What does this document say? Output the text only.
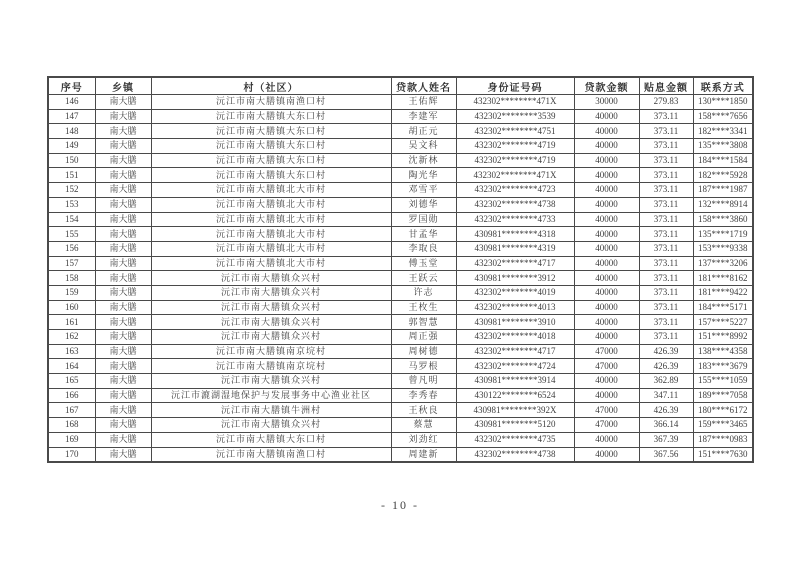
序号	乡镇	村（社区）	贷款人姓名	身份证号码	贷款金额	贴息金额	联系方式
146	南大膳	沅江市南大膳镇南渔口村	王佑辉	432302********471X	30000	279.83	130****1850
147	南大膳	沅江市南大膳镇大东口村	李建军	432302********3539	40000	373.11	158****7656
148	南大膳	沅江市南大膳镇大东口村	胡正元	432302********4751	40000	373.11	182****3341
149	南大膳	沅江市南大膳镇大东口村	吴文科	432302********4719	40000	373.11	135****3808
150	南大膳	沅江市南大膳镇大东口村	沈新林	432302********4719	40000	373.11	184****1584
151	南大膳	沅江市南大膳镇大东口村	陶光华	432302********471X	40000	373.11	182****5928
152	南大膳	沅江市南大膳镇北大市村	邓雪平	432302********4723	40000	373.11	187****1987
153	南大膳	沅江市南大膳镇北大市村	刘德华	432302********4738	40000	373.11	132****8914
154	南大膳	沅江市南大膳镇北大市村	罗国勋	432302********4733	40000	373.11	158****3860
155	南大膳	沅江市南大膳镇北大市村	甘孟华	430981********4318	40000	373.11	135****1719
156	南大膳	沅江市南大膳镇北大市村	李取良	430981********4319	40000	373.11	153****9338
157	南大膳	沅江市南大膳镇北大市村	傅玉堂	432302********4717	40000	373.11	137****3206
158	南大膳	沅江市南大膳镇众兴村	王跃云	430981********3912	40000	373.11	181****8162
159	南大膳	沅江市南大膳镇众兴村	许志	432302********4019	40000	373.11	181****9422
160	南大膳	沅江市南大膳镇众兴村	王枚生	432302********4013	40000	373.11	184****5171
161	南大膳	沅江市南大膳镇众兴村	郭智慧	430981********3910	40000	373.11	157****5227
162	南大膳	沅江市南大膳镇众兴村	周正强	432302********4018	40000	373.11	151****8992
163	南大膳	沅江市南大膳镇南京垸村	周树德	432302********4717	47000	426.39	138****4358
164	南大膳	沅江市南大膳镇南京垸村	马罗根	432302********4724	47000	426.39	183****3679
165	南大膳	沅江市南大膳镇众兴村	曾凡明	430981********3914	40000	362.89	155****1059
166	南大膳	沅江市漉湖湿地保护与发展事务中心渔业社区	李秀春	430122********6524	40000	347.11	189****7058
167	南大膳	沅江市南大膳镇牛洲村	王秋良	430981********392X	47000	426.39	180****6172
168	南大膳	沅江市南大膳镇众兴村	蔡慧	430981********5120	47000	366.14	159****3465
169	南大膳	沅江市南大膳镇大东口村	刘劲红	432302********4735	40000	367.39	187****0983
170	南大膳	沅江市南大膳镇南渔口村	周建新	432302********4738	40000	367.56	151****7630
- 10 -
